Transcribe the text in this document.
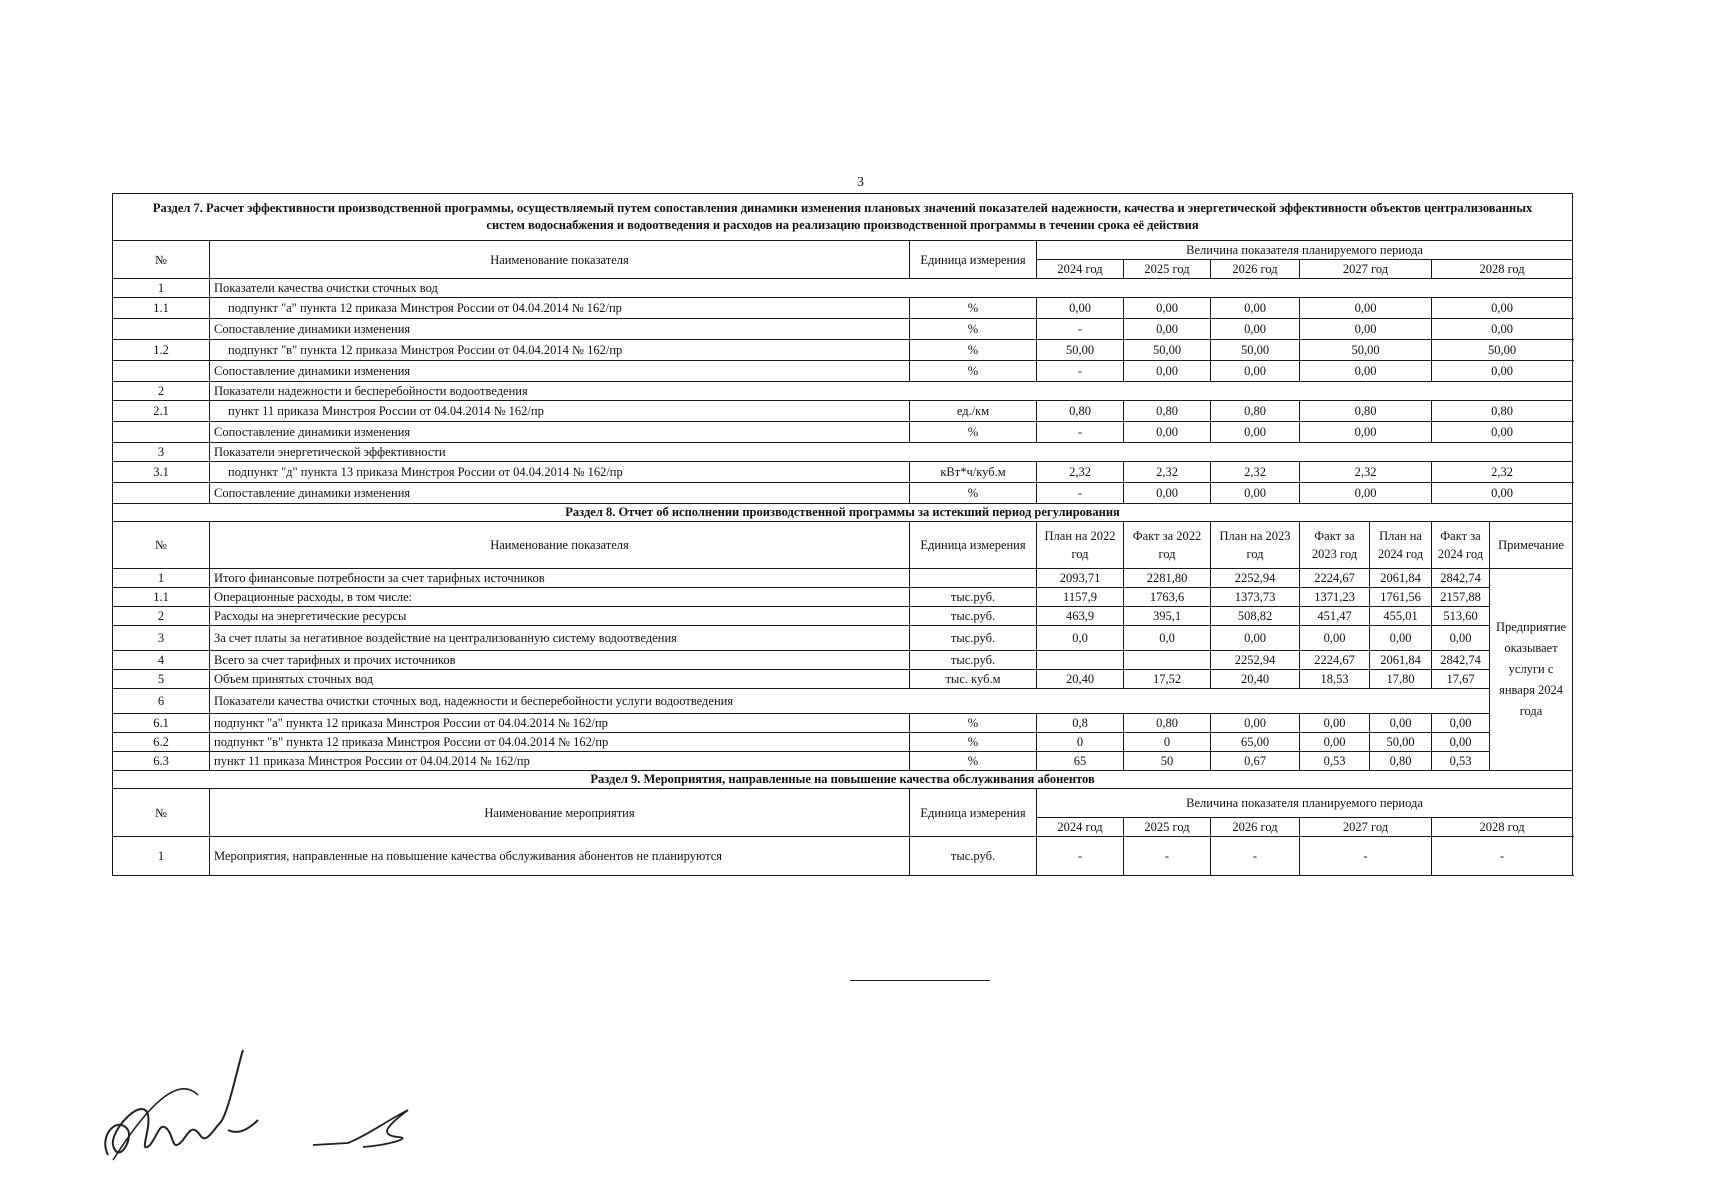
3
Раздел 7. Расчет эффективности производственной программы, осуществляемый путем сопоставления динамики изменения плановых значений показателей надежности, качества и энергетической эффективности объектов централизованных систем водоснабжения и водоотведения и расходов на реализацию производственной программы в течении срока её действия									
№	Наименование показателя	Единица измерения	Величина показателя планируемого периода						
			2024 год	2025 год	2026 год	2027 год		2028 год	
1	Показатели качества очистки сточных вод								
1.1	подпункт "а" пункта 12 приказа Минстроя России от 04.04.2014 № 162/пр	%	0,00	0,00	0,00	0,00		0,00	
	Сопоставление динамики изменения	%	-	0,00	0,00	0,00		0,00	
1.2	подпункт "в" пункта 12 приказа Минстроя России от 04.04.2014 № 162/пр	%	50,00	50,00	50,00	50,00		50,00	
	Сопоставление динамики изменения	%	-	0,00	0,00	0,00		0,00	
2	Показатели надежности и бесперебойности водоотведения								
2.1	пункт 11 приказа Минстроя России от 04.04.2014 № 162/пр	ед./км	0,80	0,80	0,80	0,80		0,80	
	Сопоставление динамики изменения	%	-	0,00	0,00	0,00		0,00	
3	Показатели энергетической эффективности								
3.1	подпункт "д" пункта 13 приказа Минстроя России от 04.04.2014 № 162/пр	кВт*ч/куб.м	2,32	2,32	2,32	2,32		2,32	
	Сопоставление динамики изменения	%	-	0,00	0,00	0,00		0,00	
Раздел 8. Отчет об исполнении производственной программы за истекший период регулирования									
№	Наименование показателя	Единица измерения	План на 2022 год	Факт за 2022 год	План на 2023 год	Факт за 2023 год	План на 2024 год	Факт за 2024 год	Примечание
1	Итого финансовые потребности за счет тарифных источников		2093,71	2281,80	2252,94	2224,67	2061,84	2842,74	Предприятие оказывает услуги с января 2024 года
1.1	Операционные расходы, в том числе:	тыс.руб.	1157,9	1763,6	1373,73	1371,23	1761,56	2157,88	
2	Расходы на энергетические ресурсы	тыс.руб.	463,9	395,1	508,82	451,47	455,01	513,60	
3	За счет платы за негативное воздействие на централизованную систему водоотведения	тыс.руб.	0,0	0,0	0,00	0,00	0,00	0,00	
4	Всего за счет тарифных и прочих источников	тыс.руб.			2252,94	2224,67	2061,84	2842,74	
5	Объем принятых сточных вод	тыс. куб.м	20,40	17,52	20,40	18,53	17,80	17,67	
6	Показатели качества очистки сточных вод, надежности и бесперебойности услуги водоотведения								
6.1	подпункт "а" пункта 12 приказа Минстроя России от 04.04.2014 № 162/пр	%	0,8	0,80	0,00	0,00	0,00	0,00	
6.2	подпункт "в" пункта 12 приказа Минстроя России от 04.04.2014 № 162/пр	%	0	0	65,00	0,00	50,00	0,00	
6.3	пункт 11 приказа Минстроя России от 04.04.2014 № 162/пр	%	65	50	0,67	0,53	0,80	0,53	
Раздел 9. Мероприятия, направленные на повышение качества обслуживания абонентов									
№	Наименование мероприятия	Единица измерения	Величина показателя планируемого периода						
			2024 год	2025 год	2026 год	2027 год		2028 год	
1	Мероприятия, направленные на повышение качества обслуживания абонентов не планируются	тыс.руб.	-	-	-	-		-	
